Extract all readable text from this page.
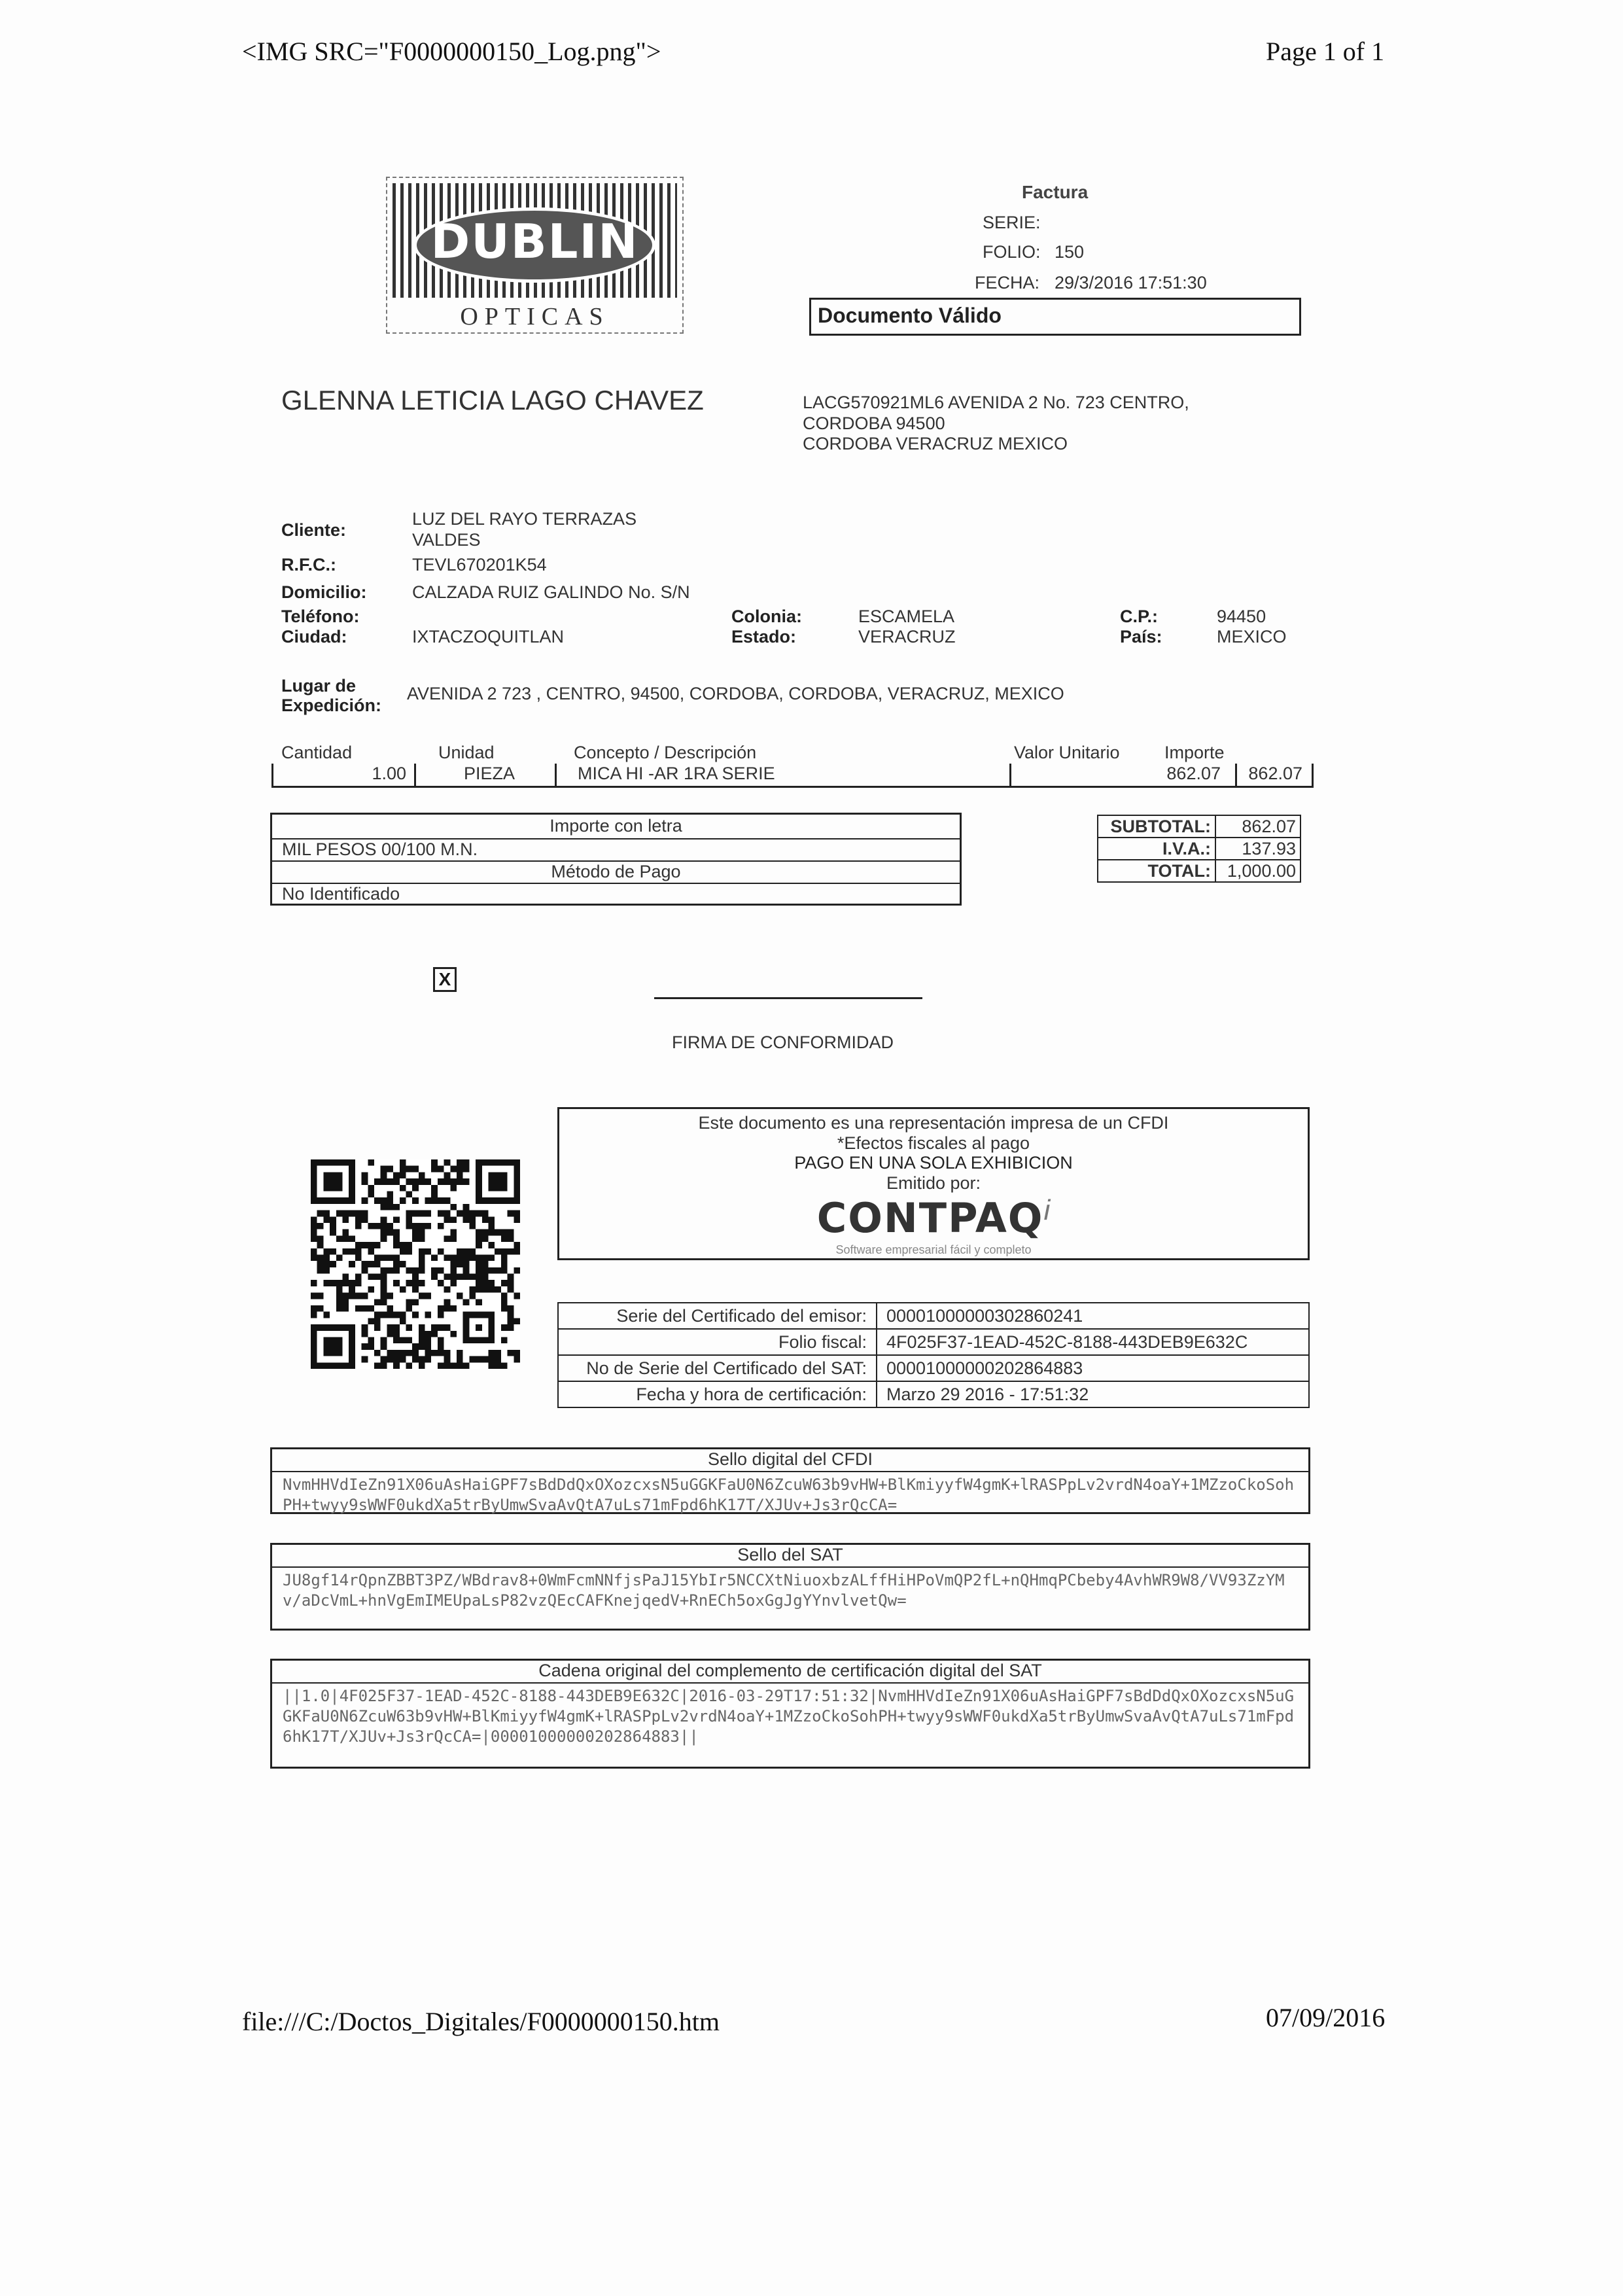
<IMG SRC="F0000000150_Log.png">	Page 1 of 1
DUBLIN
OPTICAS
Factura
SERIE:
FOLIO: 150
FECHA: 29/3/2016 17:51:30
Documento Válido
GLENNA LETICIA LAGO CHAVEZ	LACG570921ML6 AVENIDA 2 No. 723 CENTRO,
CORDOBA 94500
CORDOBA VERACRUZ MEXICO
Cliente:
LUZ DEL RAYO TERRAZAS
VALDES
R.F.C.:	TEVL670201K54
Domicilio:	CALZADA RUIZ GALINDO No. S/N
Teléfono:
Ciudad:	IXTACZOQUITLAN
Colonia:	ESCAMELA
Estado:	VERACRUZ
C.P.:	94450
País:	MEXICO
Lugar de
Expedición:
AVENIDA 2 723 , CENTRO, 94500, CORDOBA, CORDOBA, VERACRUZ, MEXICO
Cantidad	Unidad	Concepto / Descripción	Valor Unitario	Importe
1.00	PIEZA	MICA HI -AR 1RA SERIE	862.07	862.07
Importe con letra
MIL PESOS 00/100 M.N.
Método de Pago
No Identificado
SUBTOTAL:	862.07
I.V.A.:	137.93
TOTAL:	1,000.00
X
FIRMA DE CONFORMIDAD
Este documento es una representación impresa de un CFDI
*Efectos fiscales al pago
PAGO EN UNA SOLA EXHIBICION
Emitido por:
CONTPAQi
Software empresarial fácil y completo
Serie del Certificado del emisor:	00001000000302860241
Folio fiscal:	4F025F37-1EAD-452C-8188-443DEB9E632C
No de Serie del Certificado del SAT:	00001000000202864883
Fecha y hora de certificación:	Marzo 29 2016 - 17:51:32
Sello digital del CFDI
NvmHHVdIeZn91X06uAsHaiGPF7sBdDdQxOXozcxsN5uGGKFaU0N6ZcuW63b9vHW+BlKmiyyfW4gmK+lRASPpLv2vrdN4oaY+1MZzoCkoSohPH+twyy9sWWF0ukdXa5trByUmwSvaAvQtA7uLs71mFpd6hK17T/XJUv+Js3rQcCA=
Sello del SAT
JU8gf14rQpnZBBT3PZ/WBdrav8+0WmFcmNNfjsPaJ15YbIr5NCCXtNiuoxbzALffHiHPoVmQP2fL+nQHmqPCbeby4AvhWR9W8/VV93ZzYMv/aDcVmL+hnVgEmIMEUpaLsP82vzQEcCAFKnejqedV+RnECh5oxGgJgYYnvlvetQw=
Cadena original del complemento de certificación digital del SAT
||1.0|4F025F37-1EAD-452C-8188-443DEB9E632C|2016-03-29T17:51:32|NvmHHVdIeZn91X06uAsHaiGPF7sBdDdQxOXozcxsN5uGGKFaU0N6ZcuW63b9vHW+BlKmiyyfW4gmK+lRASPpLv2vrdN4oaY+1MZzoCkoSohPH+twyy9sWWF0ukdXa5trByUmwSvaAvQtA7uLs71mFpd6hK17T/XJUv+Js3rQcCA=|00001000000202864883||
file:///C:/Doctos_Digitales/F0000000150.htm	07/09/2016
